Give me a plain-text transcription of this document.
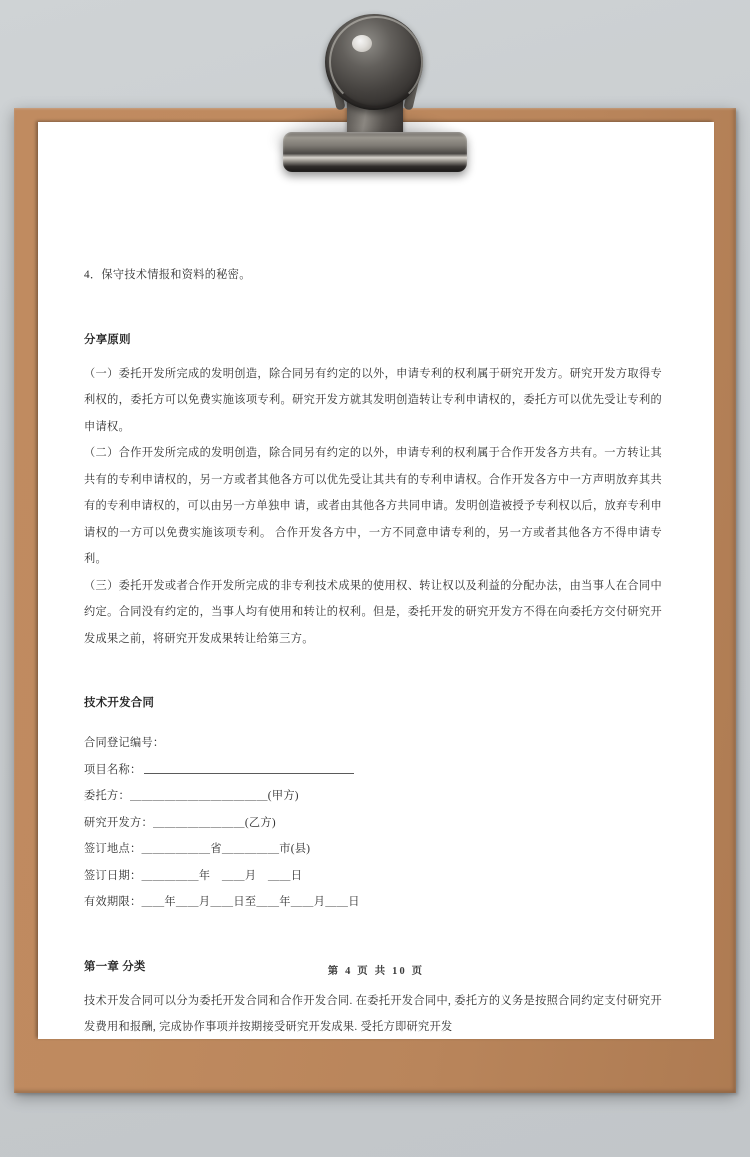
4．保守技术情报和资料的秘密。

分享原则

（一）委托开发所完成的发明创造，除合同另有约定的以外，申请专利的权利属于研究开发方。研究开发方取得专利权的，委托方可以免费实施该项专利。研究开发方就其发明创造转让专利申请权的，委托方可以优先受让专利的申请权。

（二）合作开发所完成的发明创造，除合同另有约定的以外，申请专利的权利属于合作开发各方共有。一方转让其共有的专利申请权的，另一方或者其他各方可以优先受让其共有的专利申请权。合作开发各方中一方声明放弃其共有的专利申请权的，可以由另一方单独申 请，或者由其他各方共同申请。发明创造被授予专利权以后，放弃专利申请权的一方可以免费实施该项专利。 合作开发各方中，一方不同意申请专利的，另一方或者其他各方不得申请专利。

（三）委托开发或者合作开发所完成的非专利技术成果的使用权、转让权以及利益的分配办法，由当事人在合同中约定。合同没有约定的，当事人均有使用和转让的权利。但是，委托开发的研究开发方不得在向委托方交付研究开发成果之前，将研究开发成果转让给第三方。

技术开发合同

合同登记编号：

项目名称：

委托方：＿＿＿＿＿＿＿＿＿＿＿＿(甲方)

研究开发方：＿＿＿＿＿＿＿＿(乙方)

签订地点：＿＿＿＿＿＿省＿＿＿＿＿市(县)

签订日期：＿＿＿＿＿年　＿＿月　＿＿日

有效期限：＿＿年＿＿月＿＿日至＿＿年＿＿月＿＿日

第一章 分类

技术开发合同可以分为委托开发合同和合作开发合同. 在委托开发合同中, 委托方的义务是按照合同约定支付研究开发费用和报酬, 完成协作事项并按期接受研究开发成果. 受托方即研究开发

第 4 页 共 10 页
